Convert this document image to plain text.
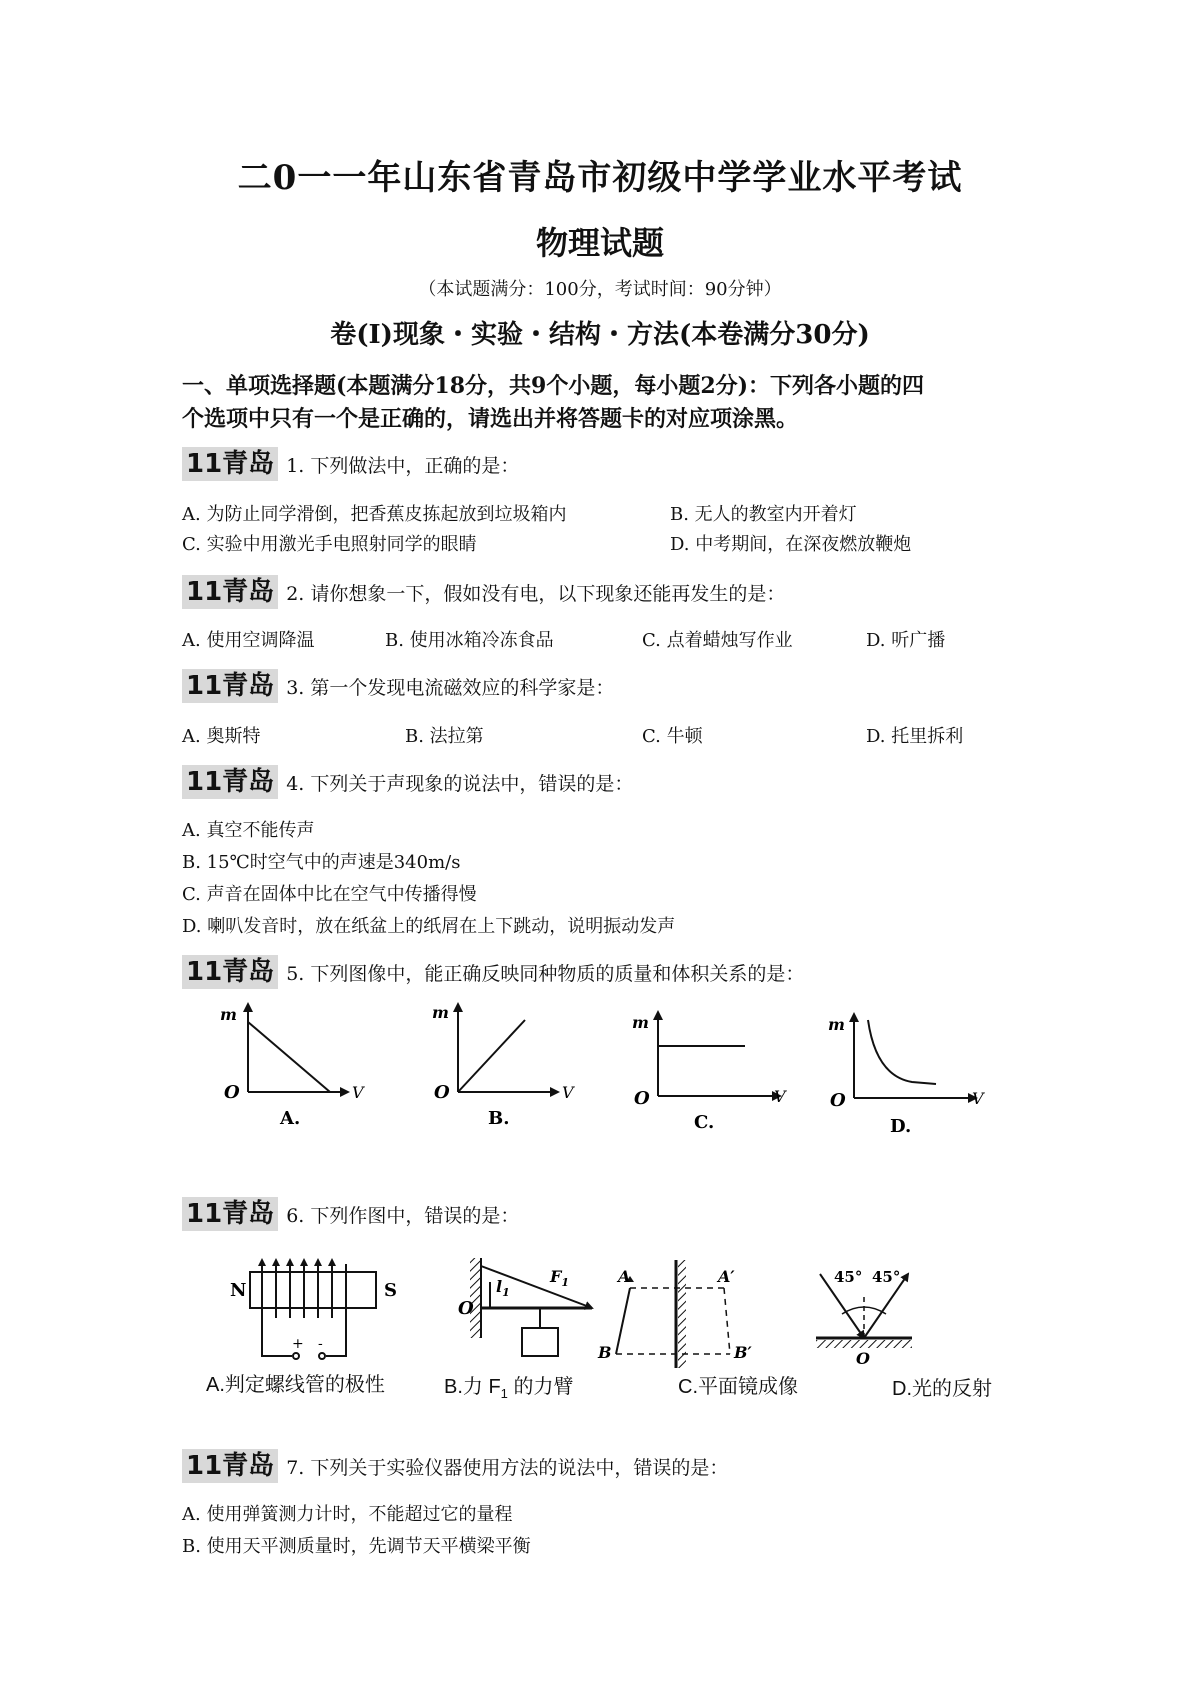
二0一一年山东省青岛市初级中学学业水平考试
物理试题
（本试题满分：100分，考试时间：90分钟）
卷(I)现象・实验・结构・方法(本卷满分30分)
一、单项选择题(本题满分18分，共9个小题，每小题2分)：下列各小题的四
个选项中只有一个是正确的，请选出并将答题卡的对应项涂黑。
11青岛 1. 下列做法中，正确的是：
A. 为防止同学滑倒，把香蕉皮拣起放到垃圾箱内	B. 无人的教室内开着灯
C. 实验中用激光手电照射同学的眼睛	D. 中考期间，在深夜燃放鞭炮
11青岛 2. 请你想象一下，假如没有电，以下现象还能再发生的是：
A. 使用空调降温	B. 使用冰箱冷冻食品	C. 点着蜡烛写作业	D. 听广播
11青岛 3. 第一个发现电流磁效应的科学家是：
A. 奥斯特	B. 法拉第	C. 牛顿	D. 托里拆利
11青岛 4. 下列关于声现象的说法中，错误的是：
A. 真空不能传声
B. 15℃时空气中的声速是340m/s
C. 声音在固体中比在空气中传播得慢
D. 喇叭发音时，放在纸盆上的纸屑在上下跳动，说明振动发声
11青岛 5. 下列图像中，能正确反映同种物质的质量和体积关系的是：
m
V
O
A.
m
V
O
B.
m
V
O
C.
m
V
O
D.
11青岛 6. 下列作图中，错误的是：
N	S
+ -
O
$l_1$
$F_1$	A	A′
B	B′
45° 45°
O
A.判定螺线管的极性	B.力 $F_1$ 的力臂	C.平面镜成像	D.光的反射
11青岛 7. 下列关于实验仪器使用方法的说法中，错误的是：
A. 使用弹簧测力计时，不能超过它的量程
B. 使用天平测质量时，先调节天平横梁平衡
